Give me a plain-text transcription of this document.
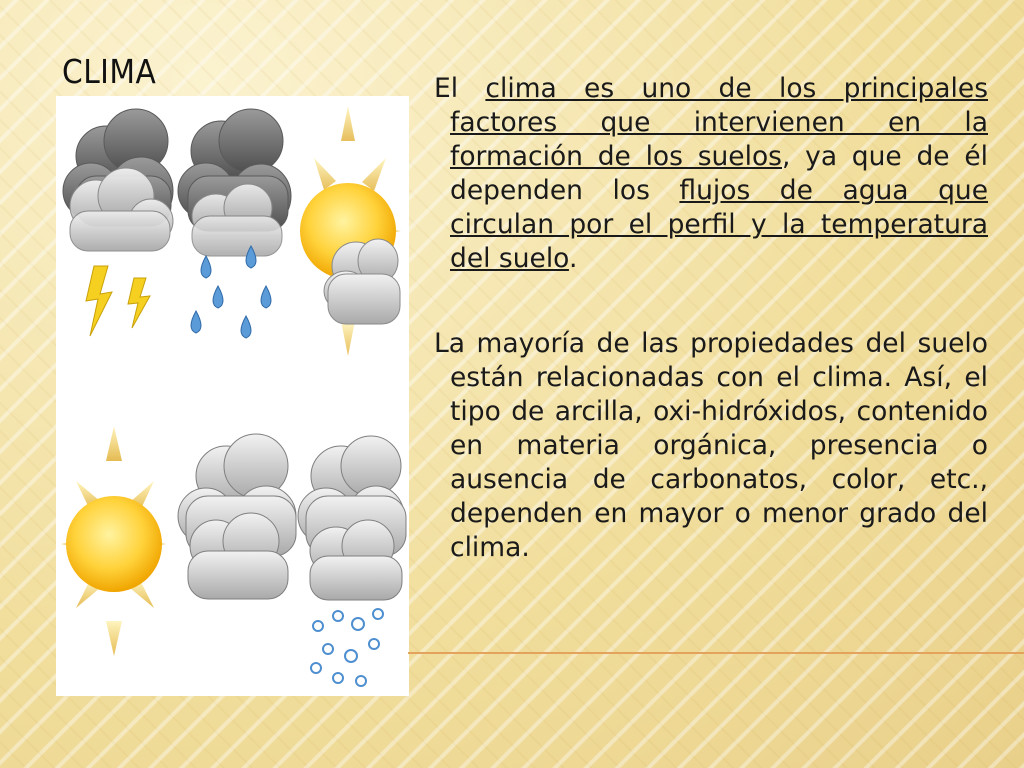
CLIMA	El clima es uno de los principales factores que intervienen en la formación de los suelos, ya que de él dependen los flujos de agua que circulan por el perfil y la temperatura del suelo.
La mayoría de las propiedades del suelo están relacionadas con el clima. Así, el tipo de arcilla, oxi-hidróxidos, contenido en materia orgánica, presencia o ausencia de carbonatos, color, etc., dependen en mayor o menor grado del clima.
